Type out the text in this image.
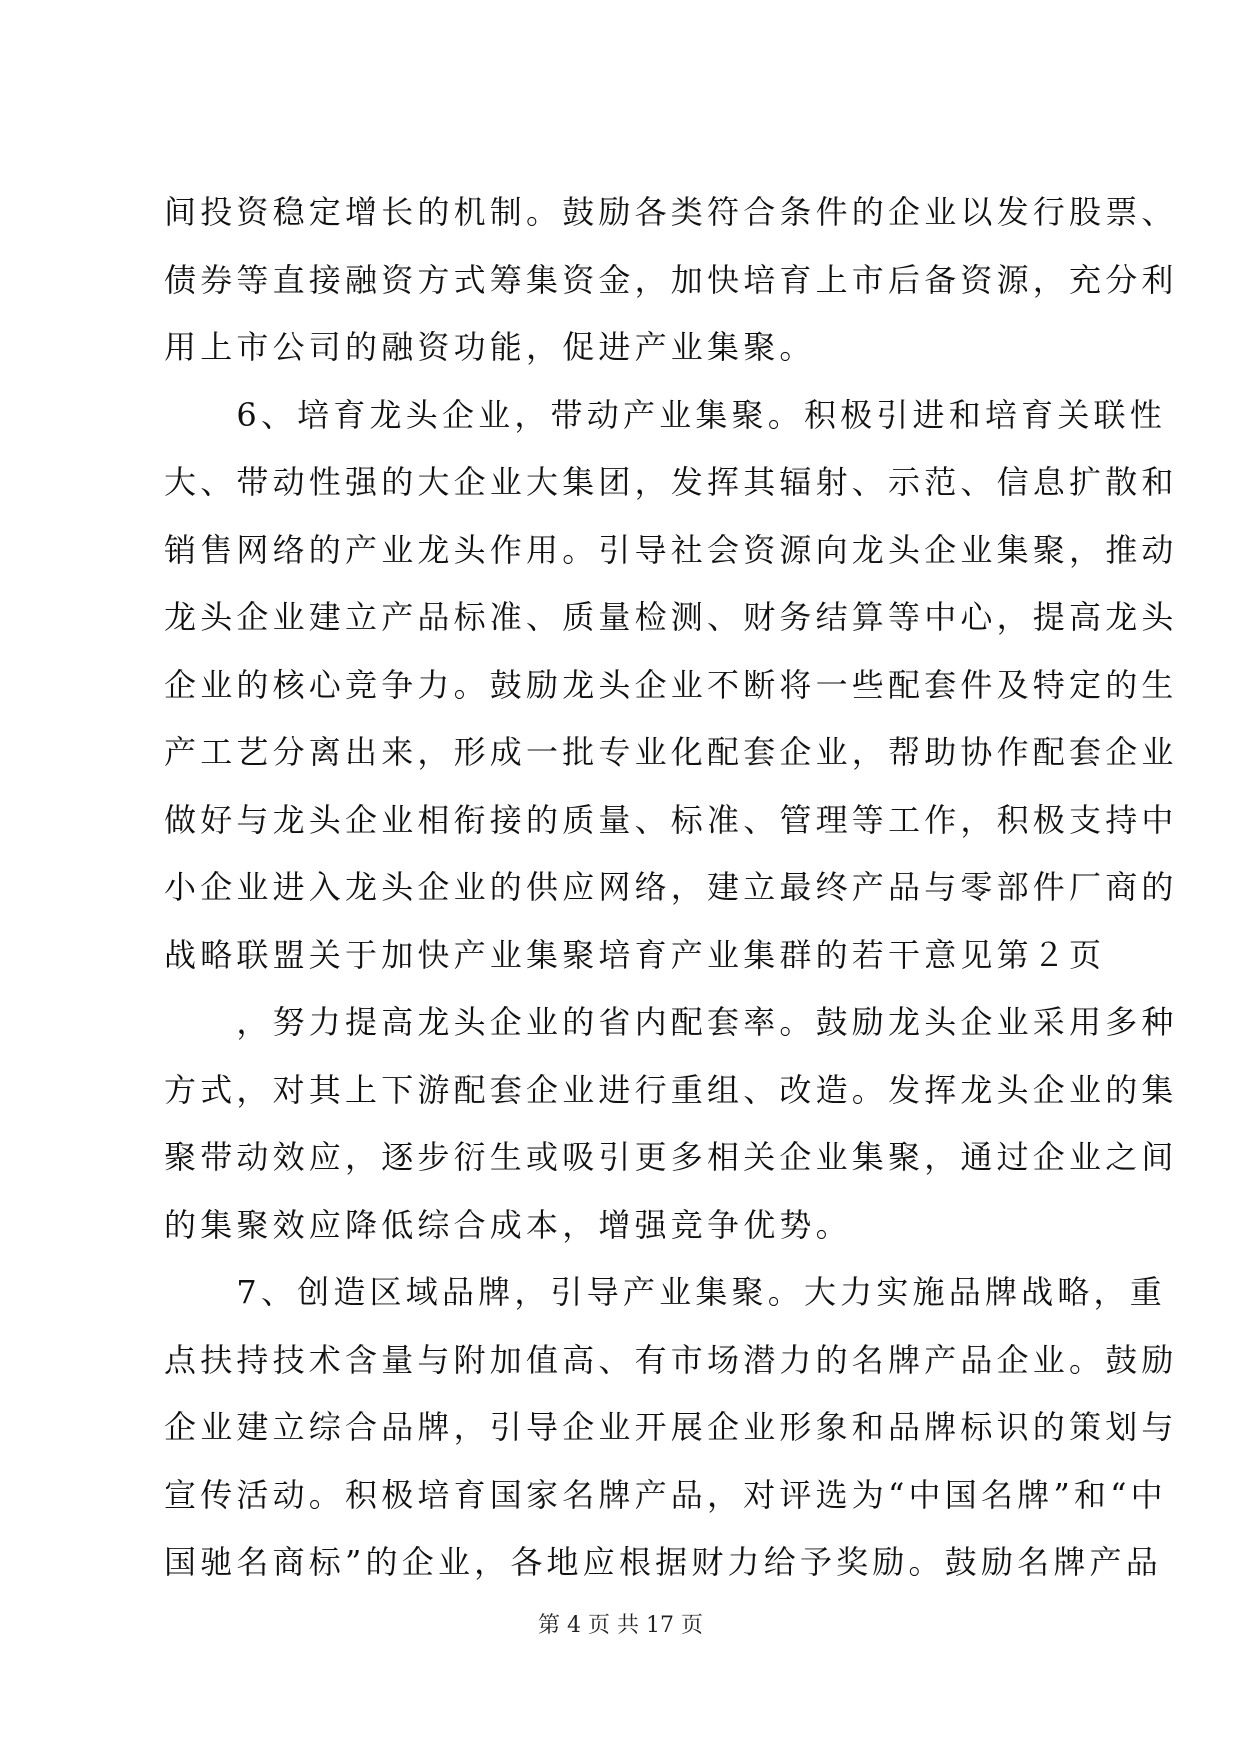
间投资稳定增长的机制。鼓励各类符合条件的企业以发行股票、
债券等直接融资方式筹集资金，加快培育上市后备资源，充分利
用上市公司的融资功能，促进产业集聚。
　　6、培育龙头企业，带动产业集聚。积极引进和培育关联性
大、带动性强的大企业大集团，发挥其辐射、示范、信息扩散和
销售网络的产业龙头作用。引导社会资源向龙头企业集聚，推动
龙头企业建立产品标准、质量检测、财务结算等中心，提高龙头
企业的核心竞争力。鼓励龙头企业不断将一些配套件及特定的生
产工艺分离出来，形成一批专业化配套企业，帮助协作配套企业
做好与龙头企业相衔接的质量、标准、管理等工作，积极支持中
小企业进入龙头企业的供应网络，建立最终产品与零部件厂商的
战略联盟关于加快产业集聚培育产业集群的若干意见第２页
　　，努力提高龙头企业的省内配套率。鼓励龙头企业采用多种
方式，对其上下游配套企业进行重组、改造。发挥龙头企业的集
聚带动效应，逐步衍生或吸引更多相关企业集聚，通过企业之间
的集聚效应降低综合成本，增强竞争优势。
　　7、创造区域品牌，引导产业集聚。大力实施品牌战略，重
点扶持技术含量与附加值高、有市场潜力的名牌产品企业。鼓励
企业建立综合品牌，引导企业开展企业形象和品牌标识的策划与
宣传活动。积极培育国家名牌产品，对评选为“中国名牌”和“中
国驰名商标”的企业，各地应根据财力给予奖励。鼓励名牌产品
第 4 页 共 17 页
